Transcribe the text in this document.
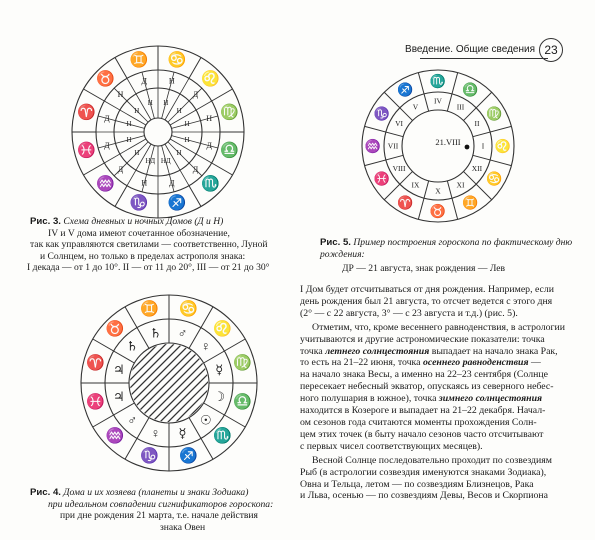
Введение. Общие сведения 23
♈
♉
♊ ♋
♌
♍
♎
♏
♐
♑
♒
♓
Д
Н
Д	Н
Д
Н
Д
Д
Д
Н
Д
Д
Н
Н
Н Н
Н
Н
Н
Н
НД
НД
Н
Н
Рис. 3. Схема дневных и ночных Домов (Д и Н)
IV и V дома имеют сочетанное обозначение,
так как управляются светилами — соответственно, Луной
и Солнцем, но только в пределах астрополя знака:
I декада — от 1 до 10°. II — от 11 до 20°, III — от 21 до 30°
♈
♉
♊ ♋
♌
♍
♎
♏
♐
♑
♒
♓
♃
♄
♄ ♂
♀
☿
☽
☉
☿
♀
♂
♃
Рис. 4. Дома и их хозяева (планеты и знаки Зодиака)
при идеальном совпадении сигнификаторов гороскопа:
при дне рождения 21 марта, т.е. начале действия
знака Овен
♌
I
♍
II
♎
III
♏
IV
♐
V
♑
VI
♒ VII
♓
VIII
♈
IX
♉
X
♊
XI ♋
XII
21.VIII
Рис. 5. Пример построения гороскопа по фактическому дню рождения:
ДР — 21 августа, знак рождения — Лев
I Дом будет отсчитываться от дня рождения. Например, если
день рождения был 21 августа, то отсчет ведется с этого дня
(2° — с 22 августа, 3° — с 23 августа и т.д.) (рис. 5).
Отметим, что, кроме весеннего равноденствия, в астрологии
учитываются и другие астрономические показатели: точка
точка летнего солнцестояния выпадает на начало знака Рак,
то есть на 21–22 июня, точка осеннего равноденствия —
на начало знака Весы, а именно на 22–23 сентября (Солнце
пересекает небесный экватор, опускаясь из северного небес-
ного полушария в южное), точка зимнего солнцестояния
находится в Козероге и выпадает на 21–22 декабря. Начал-
ом сезонов года считаются моменты прохождения Солн-
цем этих точек (в быту начало сезонов часто отсчитывают
с первых чисел соответствующих месяцев).
Весной Солнце последовательно проходит по созвездиям
Рыб (в астрологии созвездия именуются знаками Зодиака),
Овна и Тельца, летом — по созвездиям Близнецов, Рака
и Льва, осенью — по созвездиям Девы, Весов и Скорпиона
